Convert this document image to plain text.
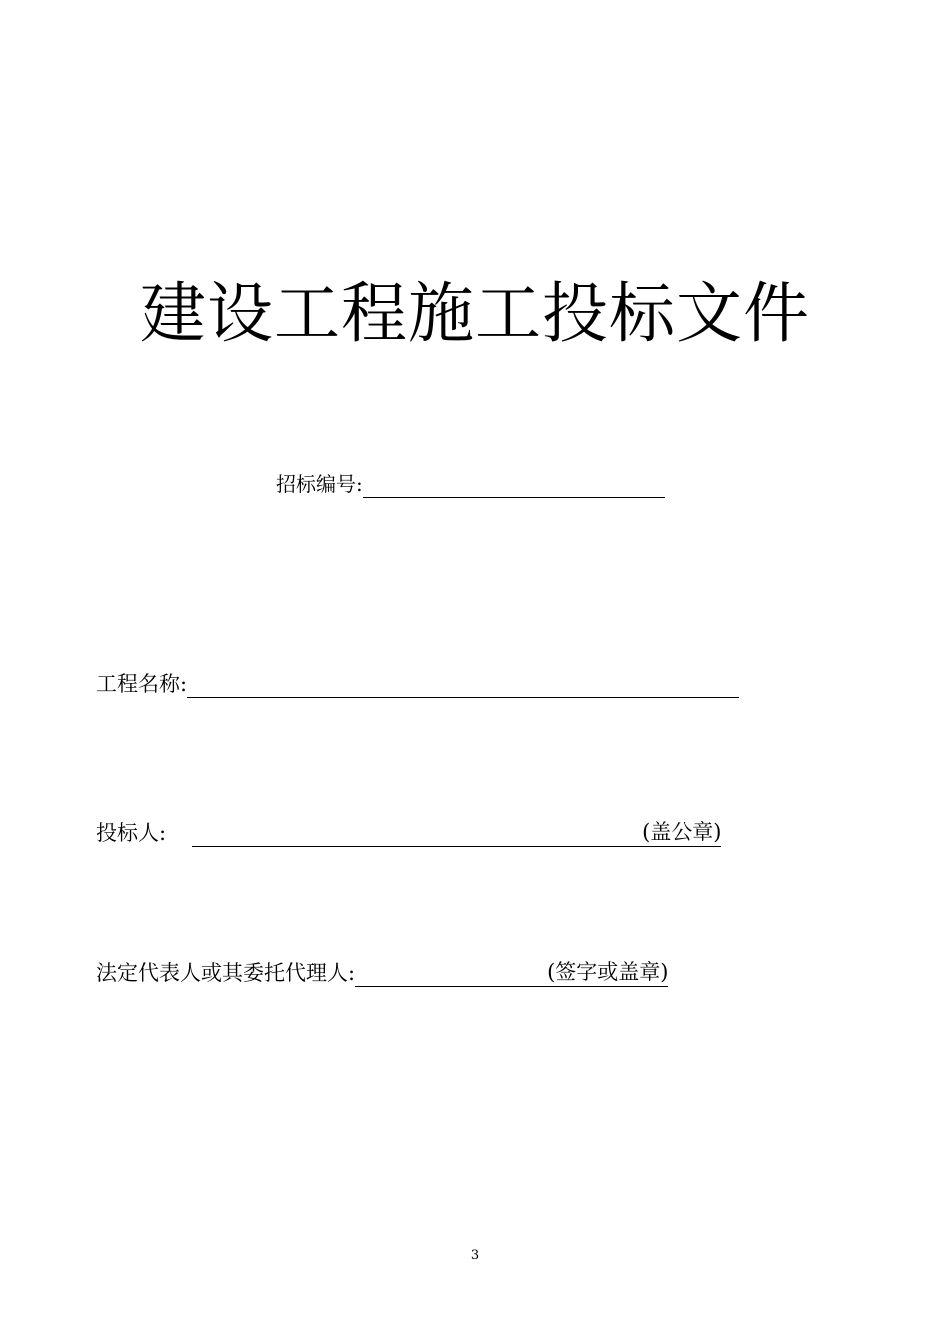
建设工程施工投标文件
招标编号:
工程名称:
投标人:	(盖公章)
法定代表人或其委托代理人:	(签字或盖章)
3
